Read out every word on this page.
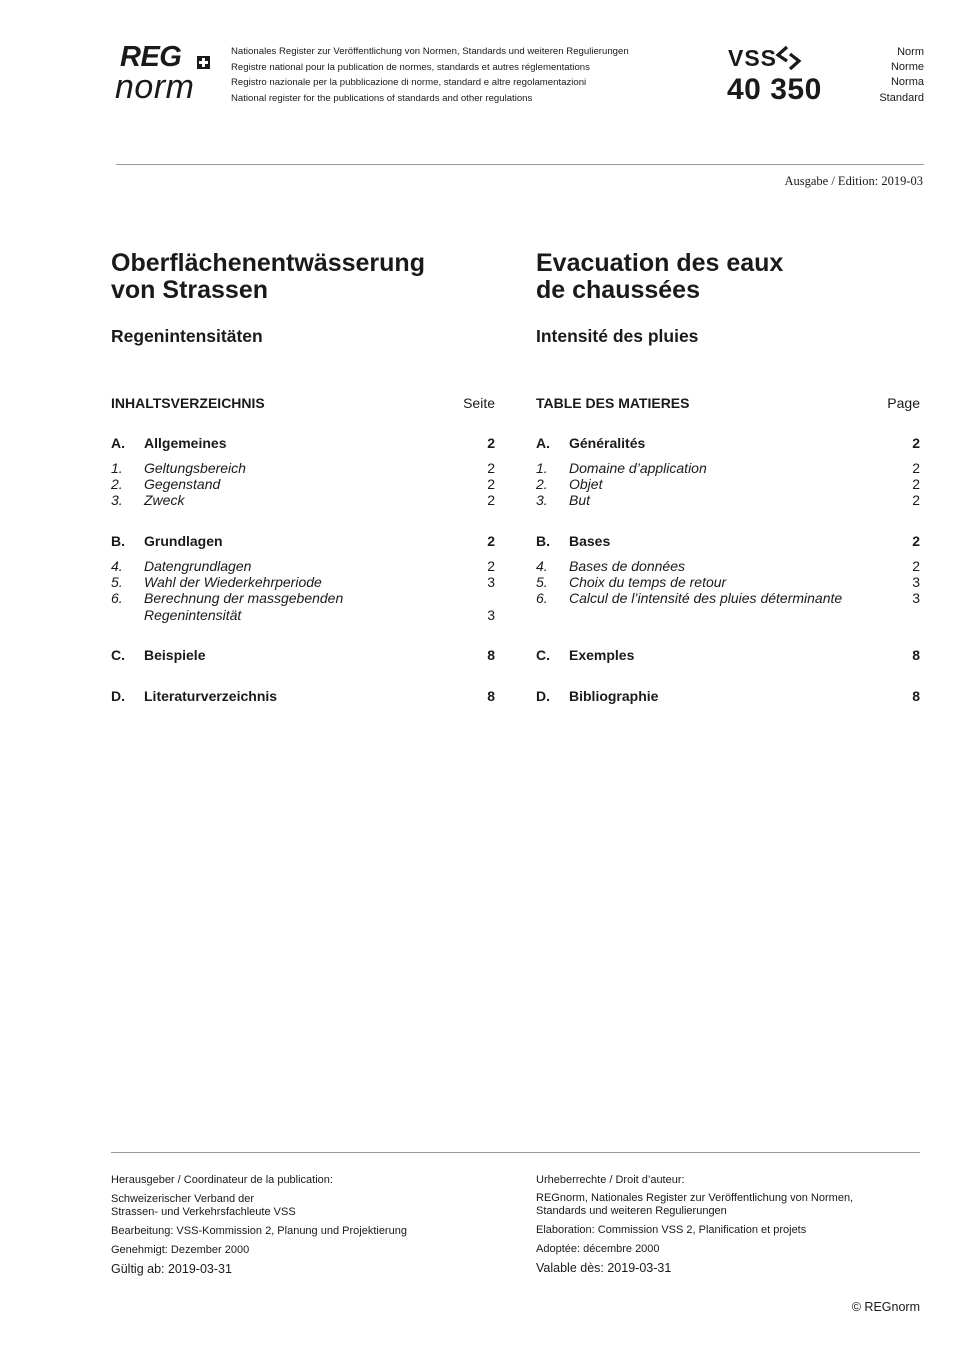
REG
norm
Nationales Register zur Veröffentlichung von Normen, Standards und weiteren Regulierungen
Registre national pour la publication de normes, standards et autres réglementations
Registro nazionale per la pubblicazione di norme, standard e altre regolamentazioni
National register for the publications of standards and other regulations
VSS
40 350
Norm
Norme
Norma
Standard
Ausgabe / Edition: 2019-03
Oberflächenentwässerung
von Strassen
Regenintensitäten
Evacuation des eaux
de chaussées
Intensité des pluies
INHALTSVERZEICHNIS	Seite
A. Allgemeines	2
1. Geltungsbereich	2
2. Gegenstand	2
3. Zweck	2
B. Grundlagen	2
4. Datengrundlagen	2
5. Wahl der Wiederkehrperiode	3
6. Berechnung der massgebenden
Regenintensität	3
C. Beispiele	8
D. Literaturverzeichnis	8
TABLE DES MATIERES	Page
A. Généralités	2
1. Domaine d’application	2
2. Objet	2
3. But	2
B. Bases	2
4. Bases de données	2
5. Choix du temps de retour	3
6. Calcul de l’intensité des pluies déterminante	3
C. Exemples	8
D. Bibliographie	8
Herausgeber / Coordinateur de la publication:
Schweizerischer Verband der
Strassen- und Verkehrsfachleute VSS
Bearbeitung: VSS-Kommission 2, Planung und Projektierung
Genehmigt: Dezember 2000
Gültig ab: 2019-03-31
Urheberrechte / Droit d’auteur:
REGnorm, Nationales Register zur Veröffentlichung von Normen,
Standards und weiteren Regulierungen
Elaboration: Commission VSS 2, Planification et projets
Adoptée: décembre 2000
Valable dès: 2019-03-31
© REGnorm
